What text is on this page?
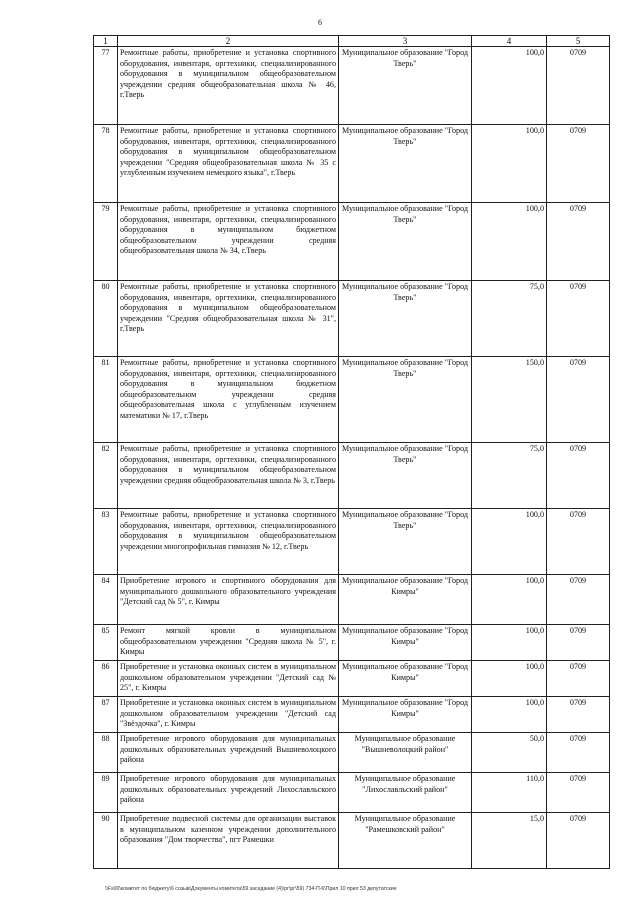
6
1	2	3	4	5
77	Ремонтные работы, приобретение и установка спортивного оборудования, инвентаря, оргтехники, специализированного оборудования в муниципальном общеобразовательном учреждении средняя общеобразовательная школа № 46, г.Тверь	Муниципальное образование "Город Тверь"	100,0	0709
78	Ремонтные работы, приобретение и установка спортивного оборудования, инвентаря, оргтехники, специализированного оборудования в муниципальном общеобразовательном учреждении "Средняя общеобразовательная школа № 35 с углубленным изучением немецкого языка", г.Тверь	Муниципальное образование "Город Тверь"	100,0	0709
79	Ремонтные работы, приобретение и установка спортивного оборудования, инвентаря, оргтехники, специализированного оборудования в муниципальном бюджетном общеобразовательном учреждении средняя общеобразовательная школа № 34, г.Тверь	Муниципальное образование "Город Тверь"	100,0	0709
80	Ремонтные работы, приобретение и установка спортивного оборудования, инвентаря, оргтехники, специализированного оборудования в муниципальном общеобразовательном учреждении "Средняя общеобразовательная школа № 31", г.Тверь	Муниципальное образование "Город Тверь"	75,0	0709
81	Ремонтные работы, приобретение и установка спортивного оборудования, инвентаря, оргтехники, специализированного оборудования в муниципальном бюджетном общеобразовательном учреждении средняя общеобразовательная школа с углубленным изучением математики № 17, г.Тверь	Муниципальное образование "Город Тверь"	150,0	0709
82	Ремонтные работы, приобретение и установка спортивного оборудования, инвентаря, оргтехники, специализированного оборудования в муниципальном общеобразовательном учреждении средняя общеобразовательная школа № 3, г.Тверь	Муниципальное образование "Город Тверь"	75,0	0709
83	Ремонтные работы, приобретение и установка спортивного оборудования, инвентаря, оргтехники, специализированного оборудования в муниципальном общеобразовательном учреждении многопрофильная гимназия № 12, г.Тверь	Муниципальное образование "Город Тверь"	100,0	0709
84	Приобретение игрового и спортивного оборудования для муниципального дошкольного образовательного учреждения "Детский сад № 5", г. Кимры	Муниципальное образование "Город Кимры"	100,0	0709
85	Ремонт мягкой кровли в муниципальном общеобразовательном учреждении "Средняя школа № 5", г. Кимры	Муниципальное образование "Город Кимры"	100,0	0709
86	Приобретение и установка оконных систем в муниципальном дошкольном образовательном учреждении "Детский сад № 25", г. Кимры	Муниципальное образование "Город Кимры"	100,0	0709
87	Приобретение и установка оконных систем в муниципальном дошкольном образовательном учреждении "Детский сад "Звёздочка", г. Кимры	Муниципальное образование "Город Кимры"	100,0	0709
88	Приобретение игрового оборудования для муниципальных дошкольных образовательных учреждений Вышневолоцкого района	Муниципальное образование "Вышневолоцкий район"	50,0	0709
89	Приобретение игрового оборудования для муниципальных дошкольных образовательных учреждений Лихославльского района	Муниципальное образование "Лихославльский район"	110,0	0709
90	Приобретение подвесной системы для организации выставок в муниципальном казенном учреждении дополнительного образования "Дом творчества", пгт Рамешки	Муниципальное образование "Рамешковский район"	15,0	0709
\\Fs00\комитет по бюджету\6 созыв\Документы комитета\59 заседание (4)\рг\рг\59) 734-П-6\Прил 10 прил 53 депутатские
